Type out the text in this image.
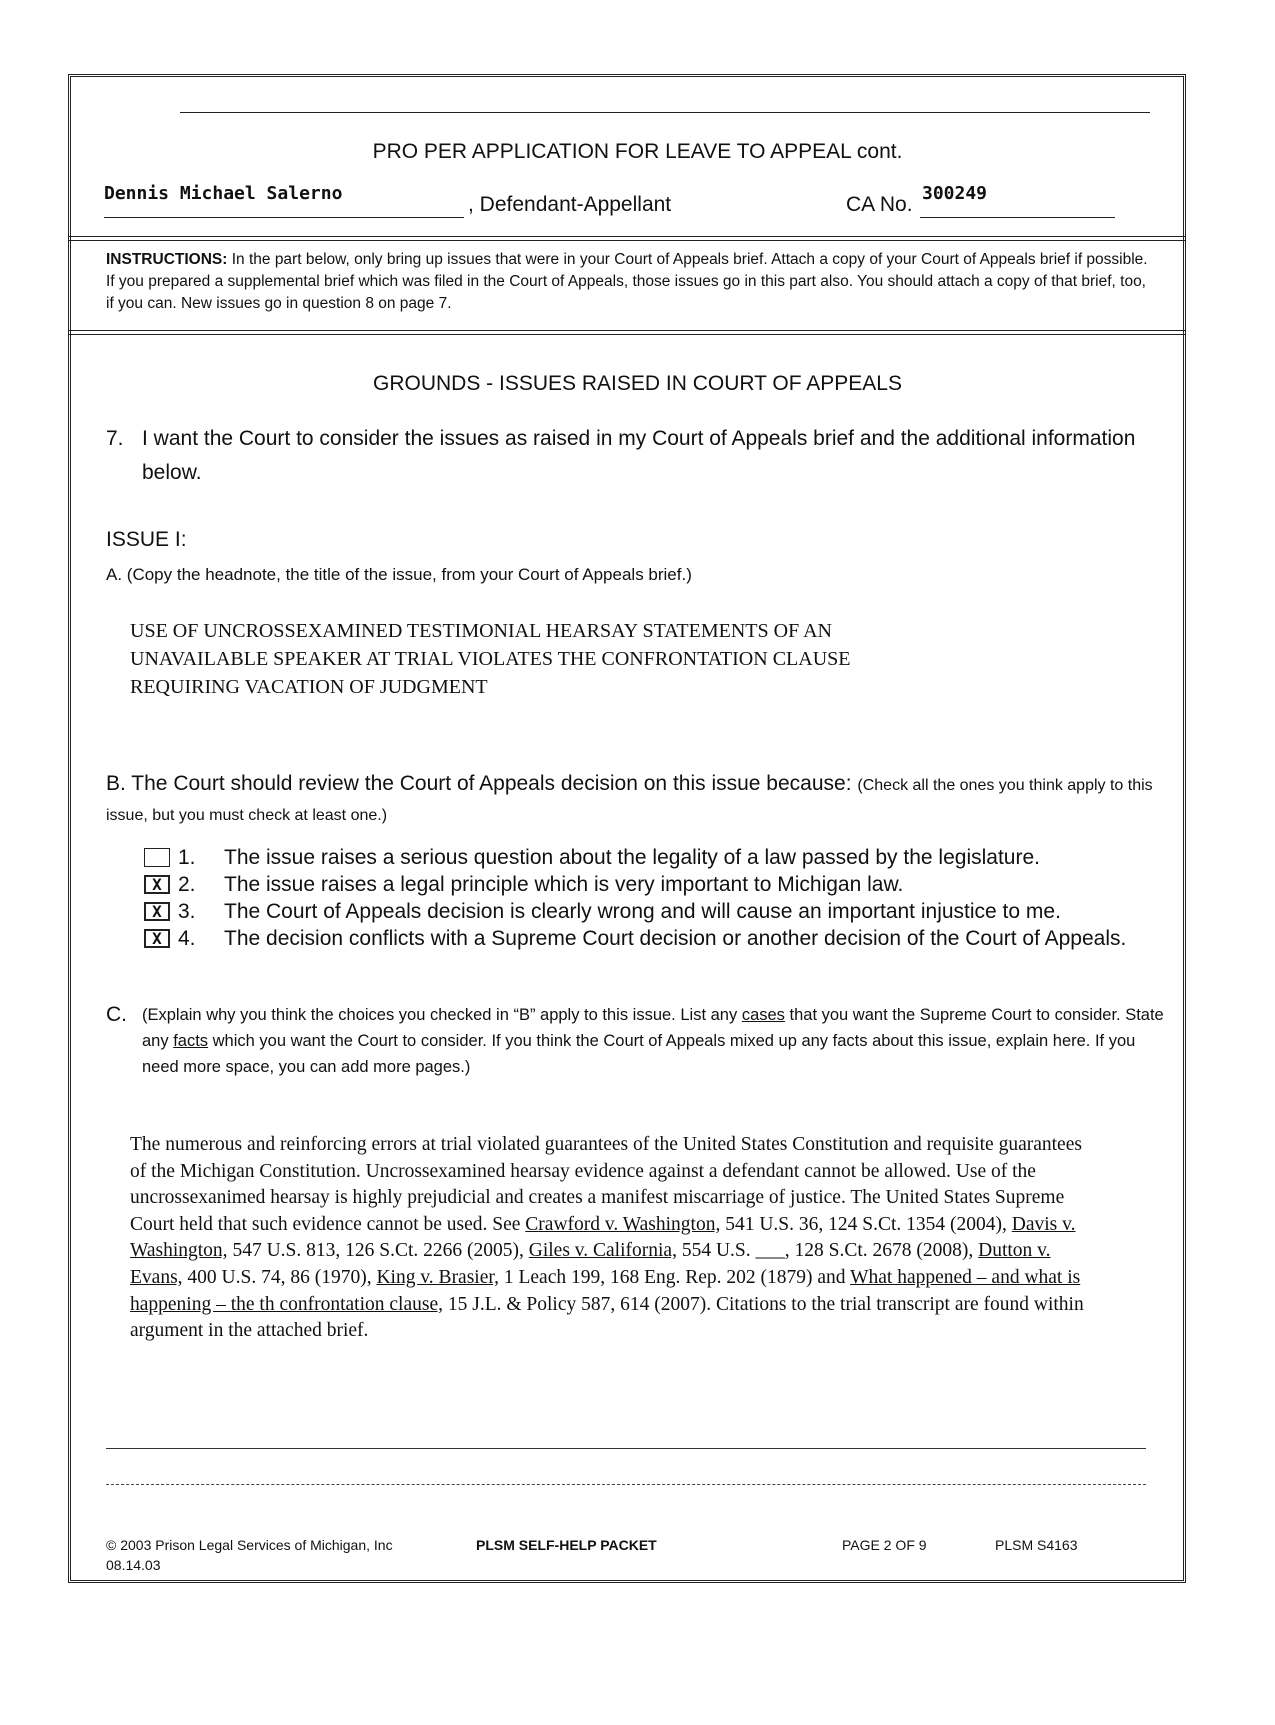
PRO PER APPLICATION FOR LEAVE TO APPEAL cont.
Dennis Michael Salerno	, Defendant-Appellant	CA No. 300249
INSTRUCTIONS: In the part below, only bring up issues that were in your Court of Appeals brief. Attach a copy of your Court of Appeals brief if possible. If you prepared a supplemental brief which was filed in the Court of Appeals, those issues go in this part also. You should attach a copy of that brief, too, if you can. New issues go in question 8 on page 7.
GROUNDS - ISSUES RAISED IN COURT OF APPEALS
7. I want the Court to consider the issues as raised in my Court of Appeals brief and the additional information below.
ISSUE I:
A. (Copy the headnote, the title of the issue, from your Court of Appeals brief.)
USE OF UNCROSSEXAMINED TESTIMONIAL HEARSAY STATEMENTS OF AN
UNAVAILABLE SPEAKER AT TRIAL VIOLATES THE CONFRONTATION CLAUSE
REQUIRING VACATION OF JUDGMENT
B. The Court should review the Court of Appeals decision on this issue because: (Check all the ones you think apply to this issue, but you must check at least one.)
1. The issue raises a serious question about the legality of a law passed by the legislature.
X 2. The issue raises a legal principle which is very important to Michigan law.
X 3. The Court of Appeals decision is clearly wrong and will cause an important injustice to me.
X 4. The decision conflicts with a Supreme Court decision or another decision of the Court of Appeals.
C. (Explain why you think the choices you checked in “B” apply to this issue. List any cases that you want the Supreme Court to consider. State any facts which you want the Court to consider. If you think the Court of Appeals mixed up any facts about this issue, explain here. If you need more space, you can add more pages.)
The numerous and reinforcing errors at trial violated guarantees of the United States Constitution and requisite guarantees of the Michigan Constitution. Uncrossexamined hearsay evidence against a defendant cannot be allowed. Use of the uncrossexanimed hearsay is highly prejudicial and creates a manifest miscarriage of justice. The United States Supreme Court held that such evidence cannot be used. See Crawford v. Washington, 541 U.S. 36, 124 S.Ct. 1354 (2004), Davis v. Washington, 547 U.S. 813, 126 S.Ct. 2266 (2005), Giles v. California, 554 U.S. ___, 128 S.Ct. 2678 (2008), Dutton v. Evans, 400 U.S. 74, 86 (1970), King v. Brasier, 1 Leach 199, 168 Eng. Rep. 202 (1879) and What happened – and what is happening – the th confrontation clause, 15 J.L. & Policy 587, 614 (2007). Citations to the trial transcript are found within argument in the attached brief.
© 2003 Prison Legal Services of Michigan, Inc
08.14.03
PLSM SELF-HELP PACKET	PAGE 2 OF 9	PLSM S4163
